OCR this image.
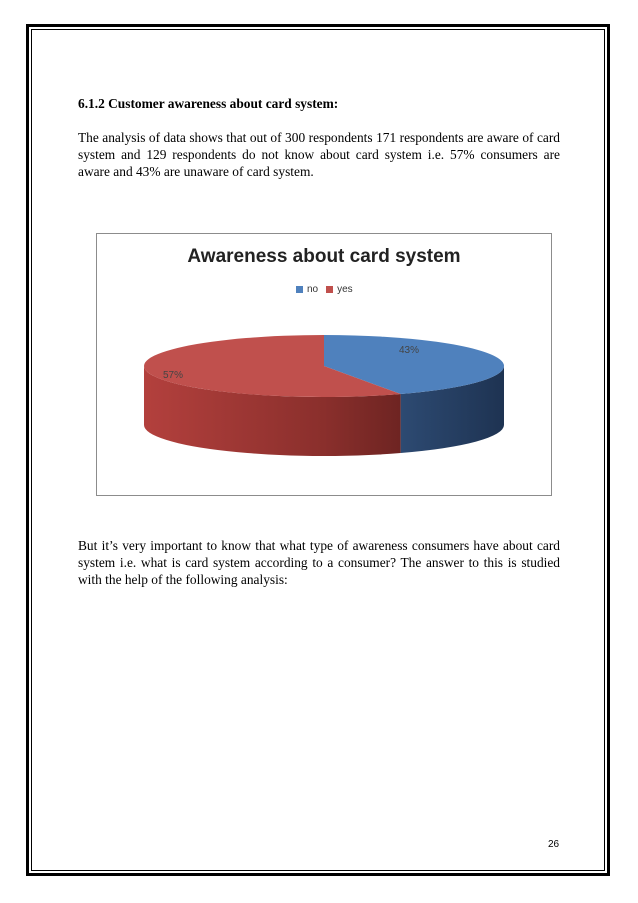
6.1.2 Customer awareness about card system:

The analysis of data shows that out of 300 respondents 171 respondents are aware of card system and 129 respondents do not know about card system i.e. 57% consumers are aware and 43% are unaware of card system.

Awareness about card system
no yes
43%
57%

But it’s very important to know that what type of awareness consumers have about card system i.e. what is card system according to a consumer? The answer to this is studied with the help of the following analysis:

26
